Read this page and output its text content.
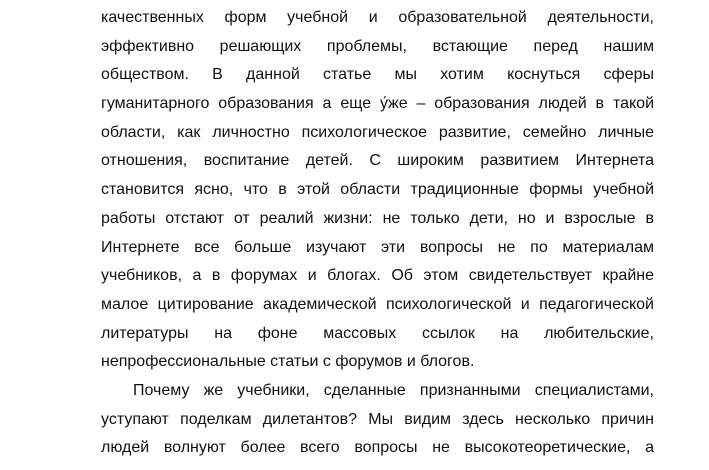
качественных форм учебной и образовательной деятельности,
эффективно решающих проблемы, встающие перед нашим
обществом. В данной статье мы хотим коснуться сферы
гуманитарного образования а еще у́же – образования людей в такой
области, как личностно психологическое развитие, семейно личные
отношения, воспитание детей. С широким развитием Интернета
становится ясно, что в этой области традиционные формы учебной
работы отстают от реалий жизни: не только дети, но и взрослые в
Интернете все больше изучают эти вопросы не по материалам
учебников, а в форумах и блогах. Об этом свидетельствует крайне
малое цитирование академической психологической и педагогической
литературы на фоне массовых ссылок на любительские,
непрофессиональные статьи с форумов и блогов.
Почему же учебники, сделанные признанными специалистами,
уступают поделкам дилетантов? Мы видим здесь несколько причин
людей волнуют более всего вопросы не высокотеоретические, а
